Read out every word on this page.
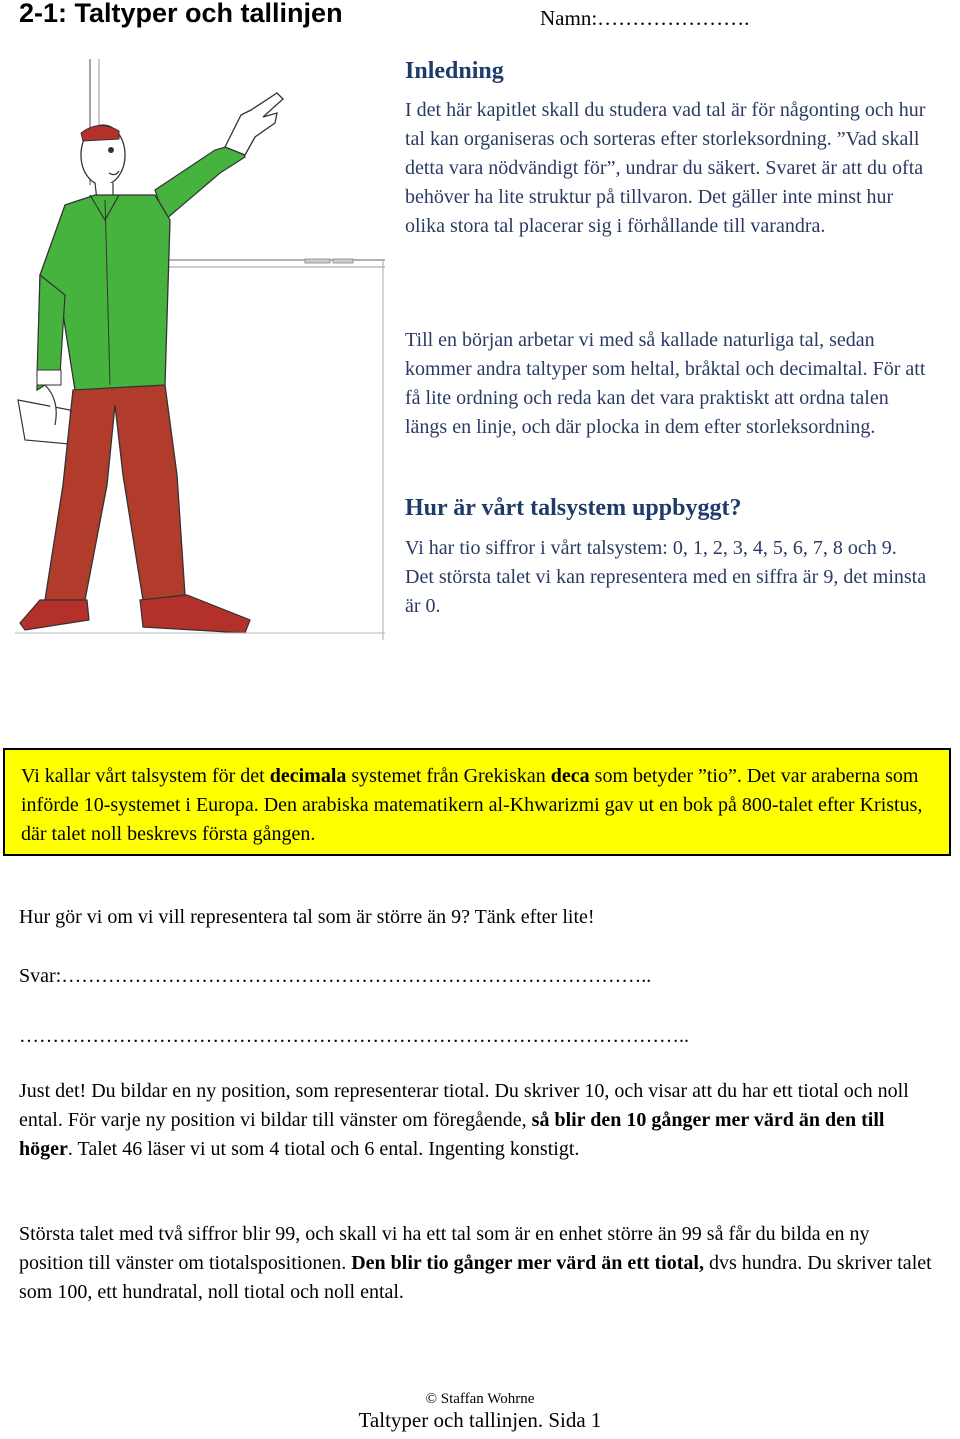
2-1: Taltyper och tallinjen	Namn:………………….
Inledning
I det här kapitlet skall du studera vad tal är för någonting och hur tal kan organiseras och sorteras efter storleksordning. ”Vad skall detta vara nödvändigt för”, undrar du säkert. Svaret är att du ofta behöver ha lite struktur på tillvaron. Det gäller inte minst hur olika stora tal placerar sig i förhållande till varandra.
Till en början arbetar vi med så kallade naturliga tal, sedan kommer andra taltyper som heltal, bråktal och decimaltal. För att få lite ordning och reda kan det vara praktiskt att ordna talen längs en linje, och där plocka in dem efter storleksordning.
Hur är vårt talsystem uppbyggt?
Vi har tio siffror i vårt talsystem: 0, 1, 2, 3, 4, 5, 6, 7, 8 och 9. Det största talet vi kan representera med en siffra är 9, det minsta är 0.
Vi kallar vårt talsystem för det decimala systemet från Grekiskan deca som betyder ”tio”. Det var araberna som införde 10-systemet i Europa. Den arabiska matematikern al-Khwarizmi gav ut en bok på 800-talet efter Kristus, där talet noll beskrevs första gången.
Hur gör vi om vi vill representera tal som är större än 9? Tänk efter lite!
Svar:……………………………………………………………………………..
………………………………………………………………………………………..
Just det! Du bildar en ny position, som representerar tiotal. Du skriver 10, och visar att du har ett tiotal och noll ental. För varje ny position vi bildar till vänster om föregående, så blir den 10 gånger mer värd än den till höger. Talet 46 läser vi ut som 4 tiotal och 6 ental. Ingenting konstigt.
Största talet med två siffror blir 99, och skall vi ha ett tal som är en enhet större än 99 så får du bilda en ny position till vänster om tiotalspositionen. Den blir tio gånger mer värd än ett tiotal, dvs hundra. Du skriver talet som 100, ett hundratal, noll tiotal och noll ental.
© Staffan Wohrne
Taltyper och tallinjen. Sida 1
